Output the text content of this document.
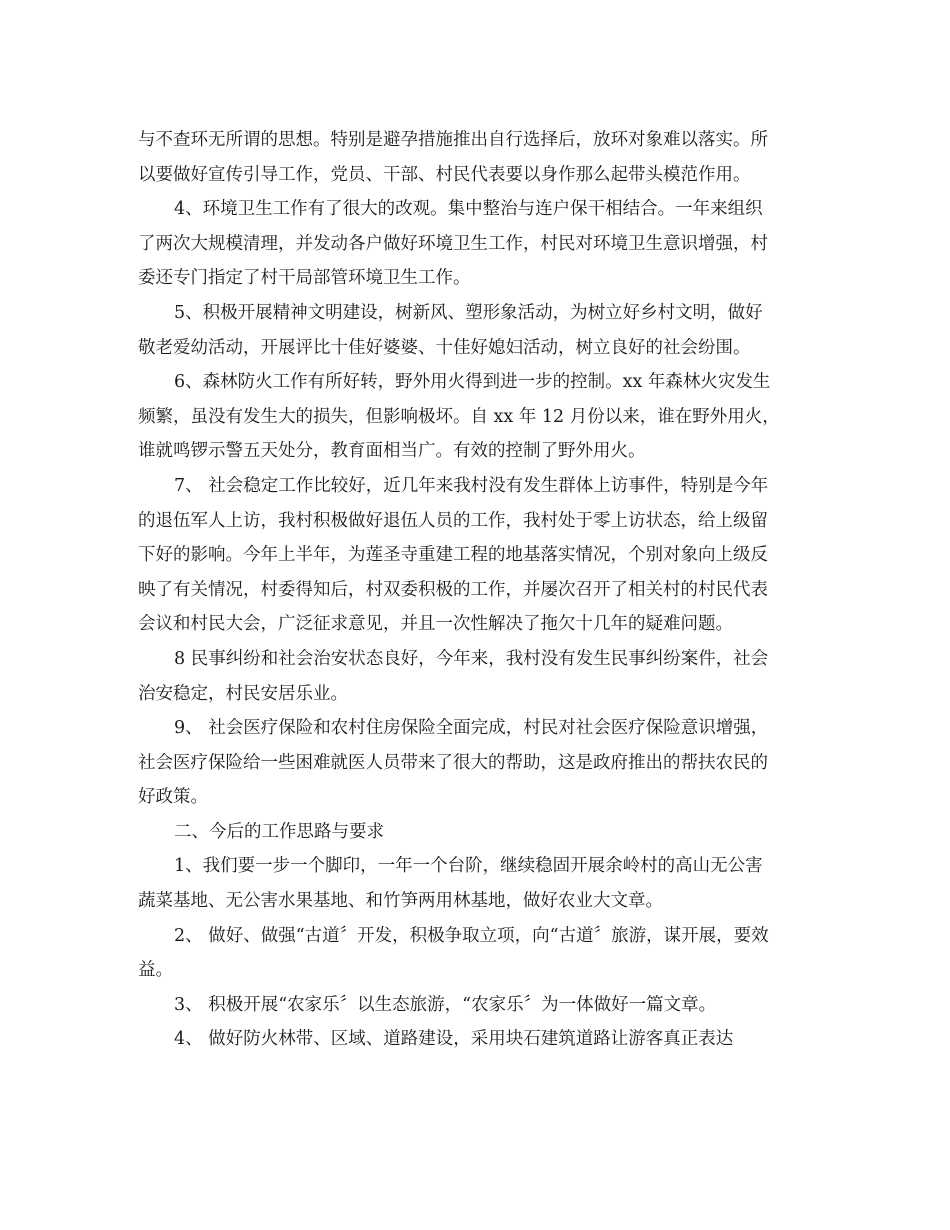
与不查环无所谓的思想。特别是避孕措施推出自行选择后，放环对象难以落实。所
以要做好宣传引导工作，党员、干部、村民代表要以身作那么起带头模范作用。
4、环境卫生工作有了很大的改观。集中整治与连户保干相结合。一年来组织
了两次大规模清理，并发动各户做好环境卫生工作，村民对环境卫生意识增强，村
委还专门指定了村干局部管环境卫生工作。
5、积极开展精神文明建设，树新风、塑形象活动，为树立好乡村文明，做好
敬老爱幼活动，开展评比十佳好婆婆、十佳好媳妇活动，树立良好的社会纷围。
6、森林防火工作有所好转，野外用火得到进一步的控制。xx 年森林火灾发生
频繁，虽没有发生大的损失，但影响极坏。自 xx 年 12 月份以来，谁在野外用火，
谁就鸣锣示警五天处分，教育面相当广。有效的控制了野外用火。
7、 社会稳定工作比较好，近几年来我村没有发生群体上访事件，特别是今年
的退伍军人上访，我村积极做好退伍人员的工作，我村处于零上访状态，给上级留
下好的影响。今年上半年，为莲圣寺重建工程的地基落实情况，个别对象向上级反
映了有关情况，村委得知后，村双委积极的工作，并屡次召开了相关村的村民代表
会议和村民大会，广泛征求意见，并且一次性解决了拖欠十几年的疑难问题。
8 民事纠纷和社会治安状态良好，今年来，我村没有发生民事纠纷案件，社会
治安稳定，村民安居乐业。
9、 社会医疗保险和农村住房保险全面完成，村民对社会医疗保险意识增强，
社会医疗保险给一些困难就医人员带来了很大的帮助，这是政府推出的帮扶农民的
好政策。
二、今后的工作思路与要求
1、我们要一步一个脚印，一年一个台阶，继续稳固开展余岭村的高山无公害
蔬菜基地、无公害水果基地、和竹笋两用林基地，做好农业大文章。
2、 做好、做强“古道〞开发，积极争取立项，向“古道〞旅游，谋开展，要效
益。
3、 积极开展“农家乐〞以生态旅游，“农家乐〞为一体做好一篇文章。
4、 做好防火林带、区域、道路建设，采用块石建筑道路让游客真正表达
